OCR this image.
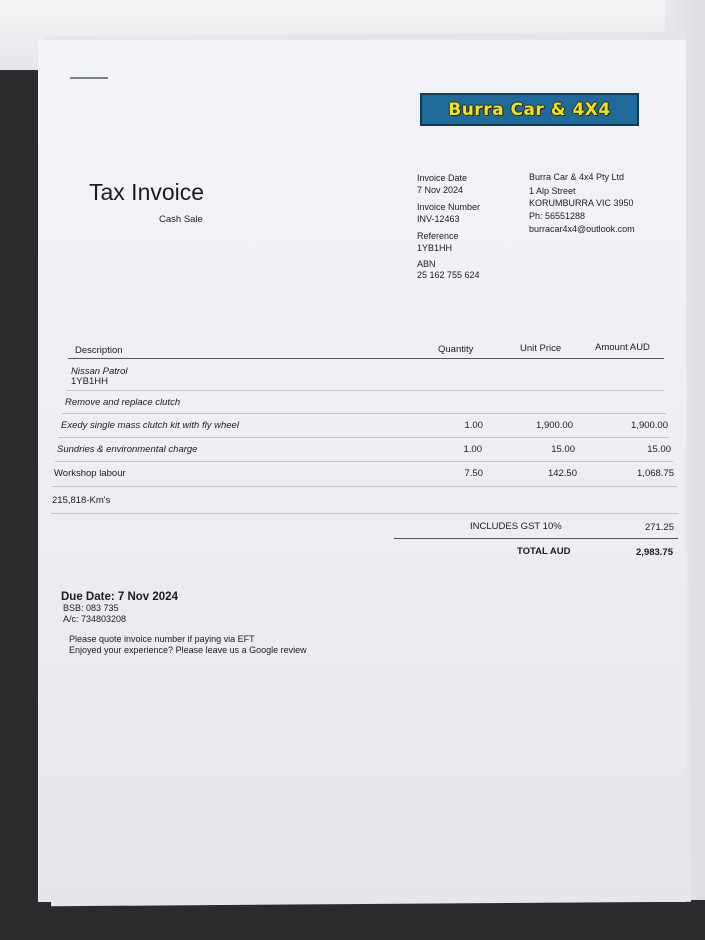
Burra Car & 4X4
Tax Invoice
Cash Sale
Invoice Date
7 Nov 2024
Invoice Number
INV-12463
Reference
1YB1HH
ABN
25 162 755 624
Burra Car & 4x4 Pty Ltd
1 Alp Street
KORUMBURRA VIC 3950
Ph: 56551288
burracar4x4@outlook.com
Description	Quantity	Unit Price	Amount AUD
Nissan Patrol
1YB1HH
Remove and replace clutch
Exedy single mass clutch kit with fly wheel	1.00	1,900.00	1,900.00
Sundries & environmental charge	1.00	15.00	15.00
Workshop labour	7.50	142.50	1,068.75
215,818-Km's
INCLUDES GST 10%	271.25
TOTAL AUD	2,983.75
Due Date: 7 Nov 2024
BSB: 083 735
A/c: 734803208
Please quote invoice number if paying via EFT
Enjoyed your experience? Please leave us a Google review
